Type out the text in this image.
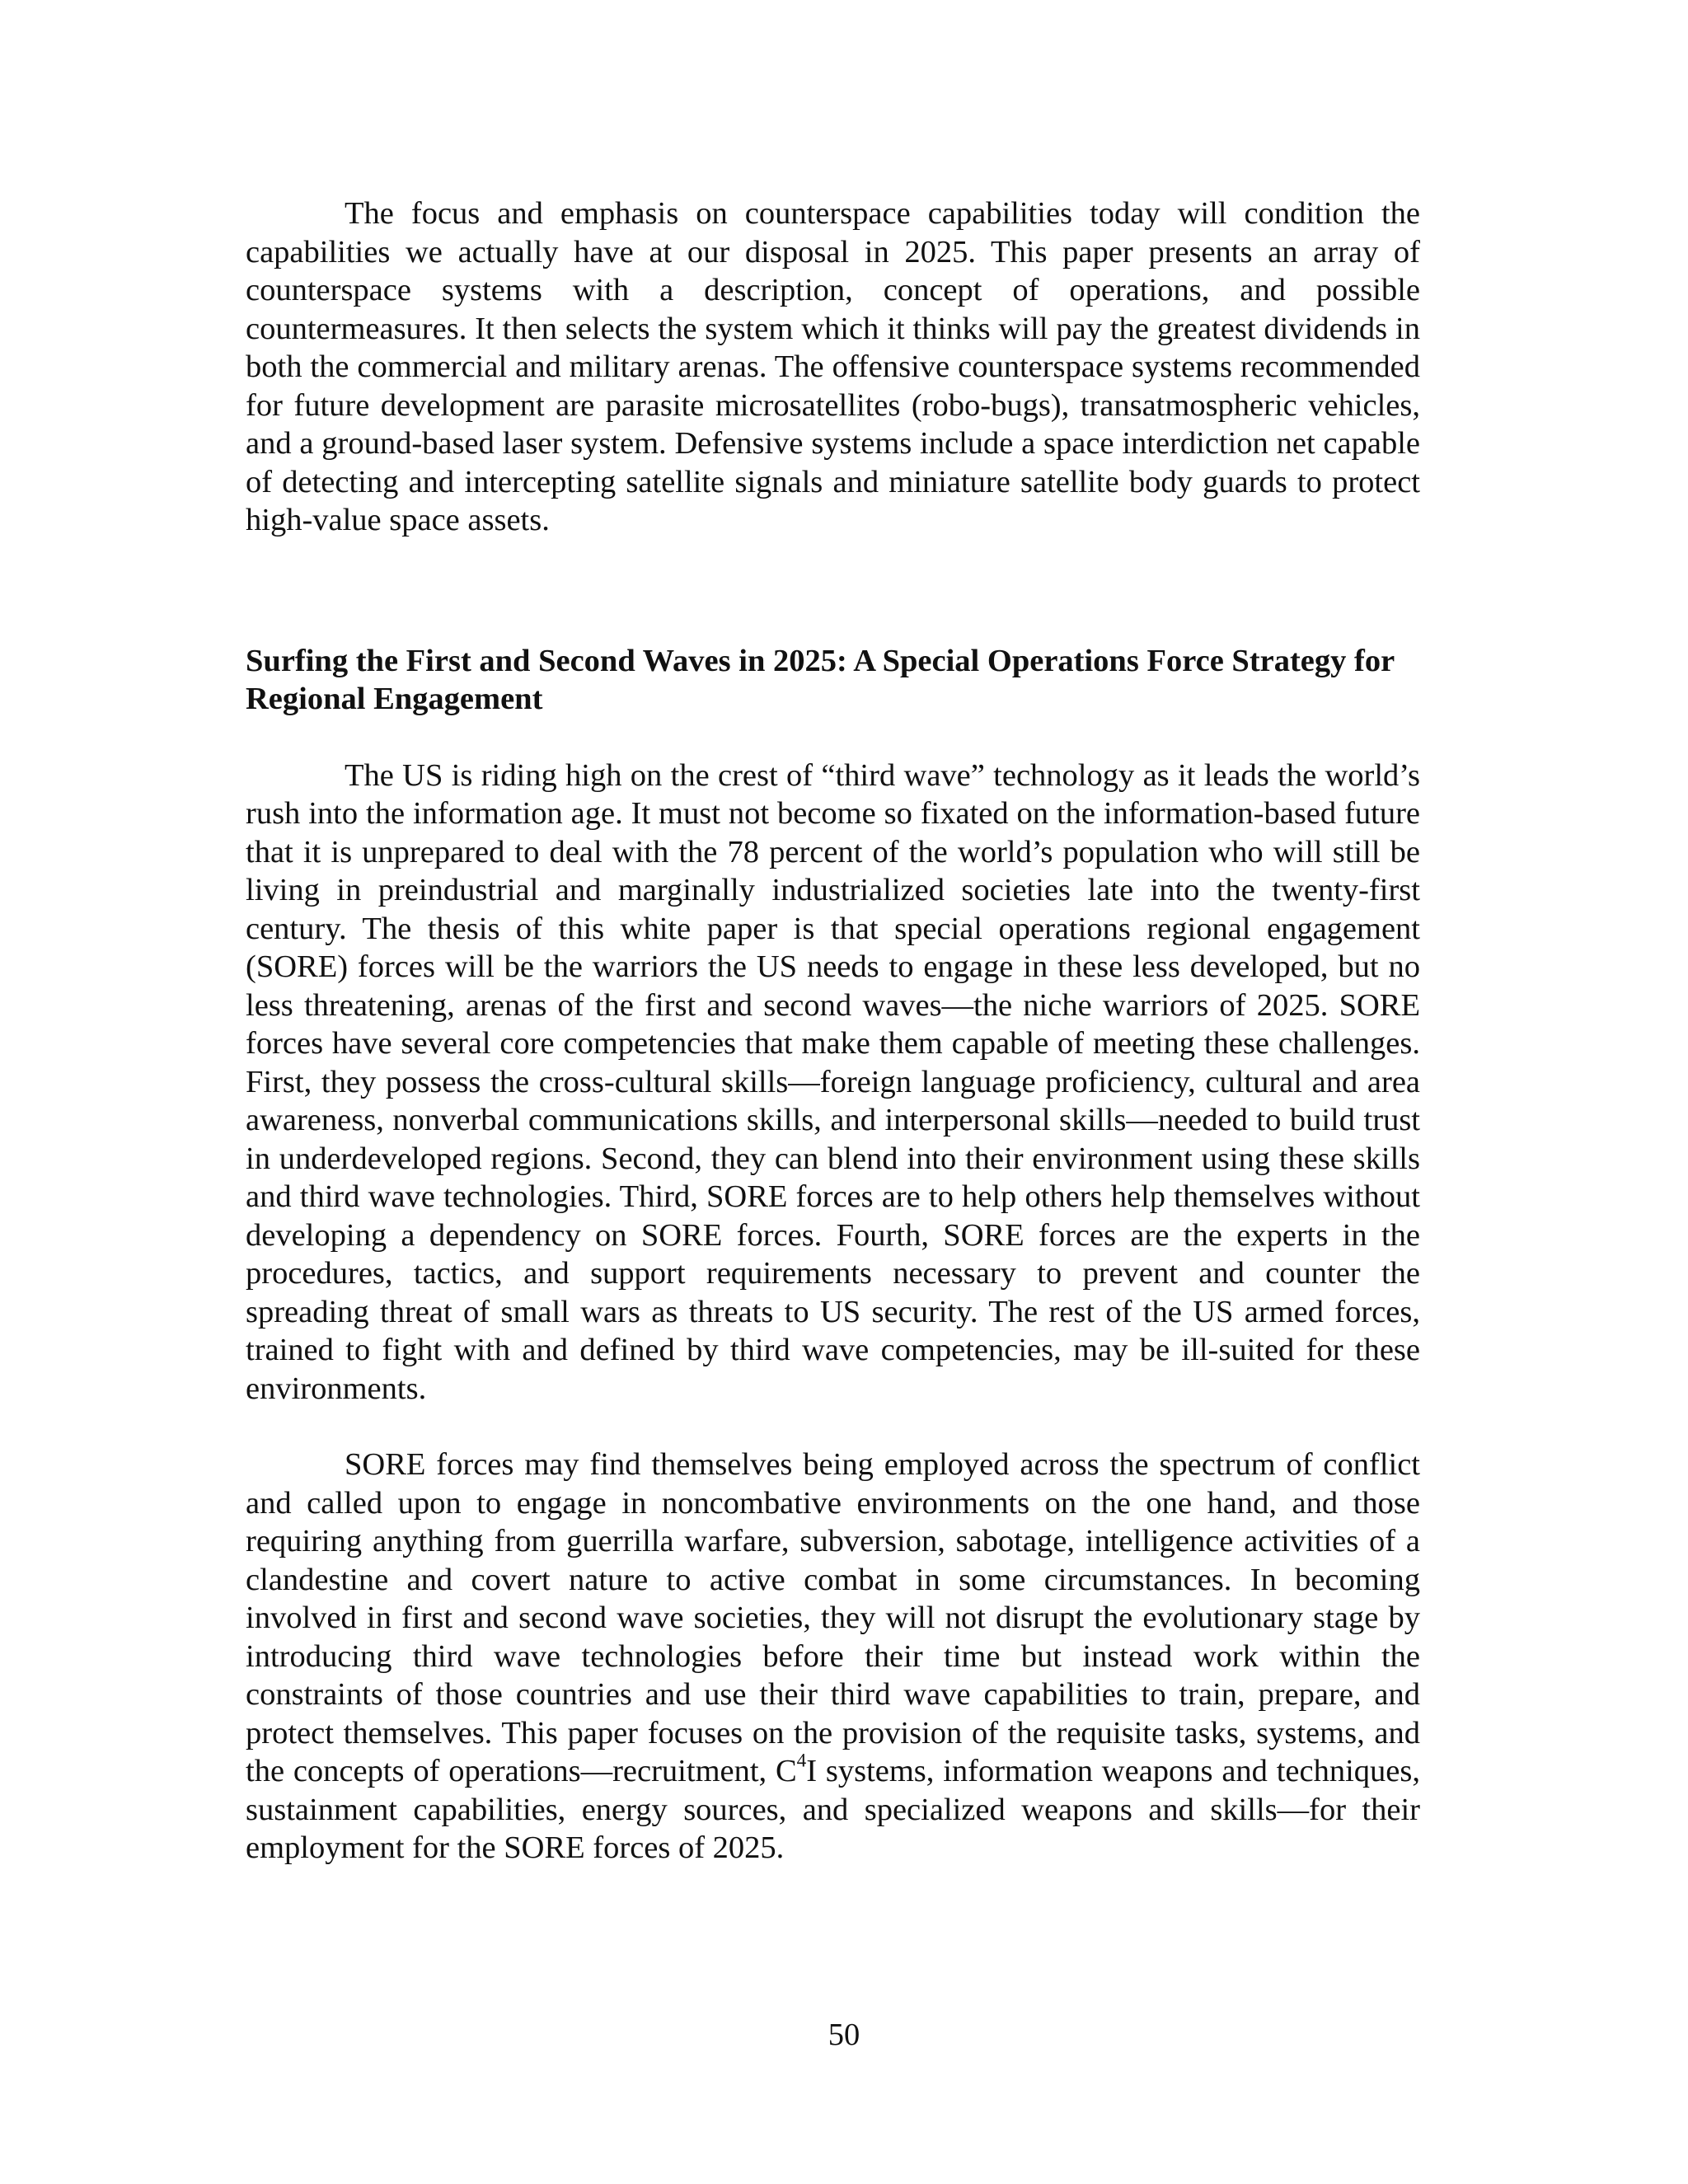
The focus and emphasis on counterspace capabilities today will condition the capabilities we actually have at our disposal in 2025. This paper presents an array of counterspace systems with a description, concept of operations, and possible countermeasures. It then selects the system which it thinks will pay the greatest dividends in both the commercial and military arenas. The offensive counterspace systems recommended for future development are parasite microsatellites (robo-bugs), transatmospheric vehicles, and a ground-based laser system. Defensive systems include a space interdiction net capable of detecting and intercepting satellite signals and miniature satellite body guards to protect high-value space assets.

Surfing the First and Second Waves in 2025: A Special Operations Force Strategy for Regional Engagement

The US is riding high on the crest of “third wave” technology as it leads the world’s rush into the information age. It must not become so fixated on the information-based future that it is unprepared to deal with the 78 percent of the world’s population who will still be living in preindustrial and marginally industrialized societies late into the twenty-first century. The thesis of this white paper is that special operations regional engagement (SORE) forces will be the warriors the US needs to engage in these less developed, but no less threatening, arenas of the first and second waves—the niche warriors of 2025. SORE forces have several core competencies that make them capable of meeting these challenges. First, they possess the cross-cultural skills—foreign language proficiency, cultural and area awareness, nonverbal communications skills, and interpersonal skills—needed to build trust in underdeveloped regions. Second, they can blend into their environment using these skills and third wave technologies. Third, SORE forces are to help others help themselves without developing a dependency on SORE forces. Fourth, SORE forces are the experts in the procedures, tactics, and support requirements necessary to prevent and counter the spreading threat of small wars as threats to US security. The rest of the US armed forces, trained to fight with and defined by third wave competencies, may be ill-suited for these environments.

SORE forces may find themselves being employed across the spectrum of conflict and called upon to engage in noncombative environments on the one hand, and those requiring anything from guerrilla warfare, subversion, sabotage, intelligence activities of a clandestine and covert nature to active combat in some circumstances. In becoming involved in first and second wave societies, they will not disrupt the evolutionary stage by introducing third wave technologies before their time but instead work within the constraints of those countries and use their third wave capabilities to train, prepare, and protect themselves. This paper focuses on the provision of the requisite tasks, systems, and the concepts of operations—recruitment, $C^4I$ systems, information weapons and techniques, sustainment capabilities, energy sources, and specialized weapons and skills—for their employment for the SORE forces of 2025.

50
